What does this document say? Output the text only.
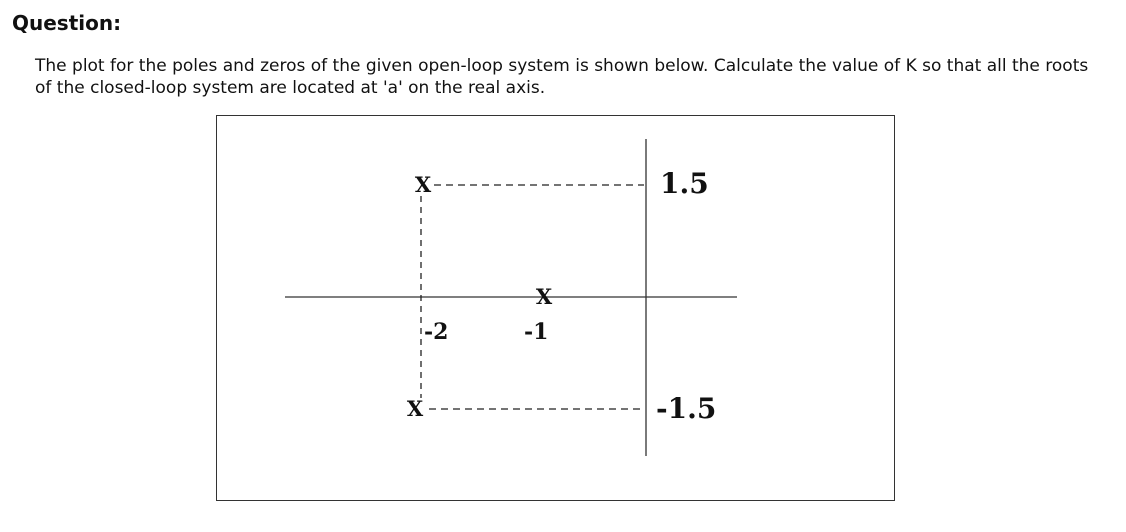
Question:

The plot for the poles and zeros of the given open-loop system is shown below. Calculate the value of K so that all the roots of the closed-loop system are located at 'a' on the real axis.

X
X
X
1.5
-1.5
-2	-1
